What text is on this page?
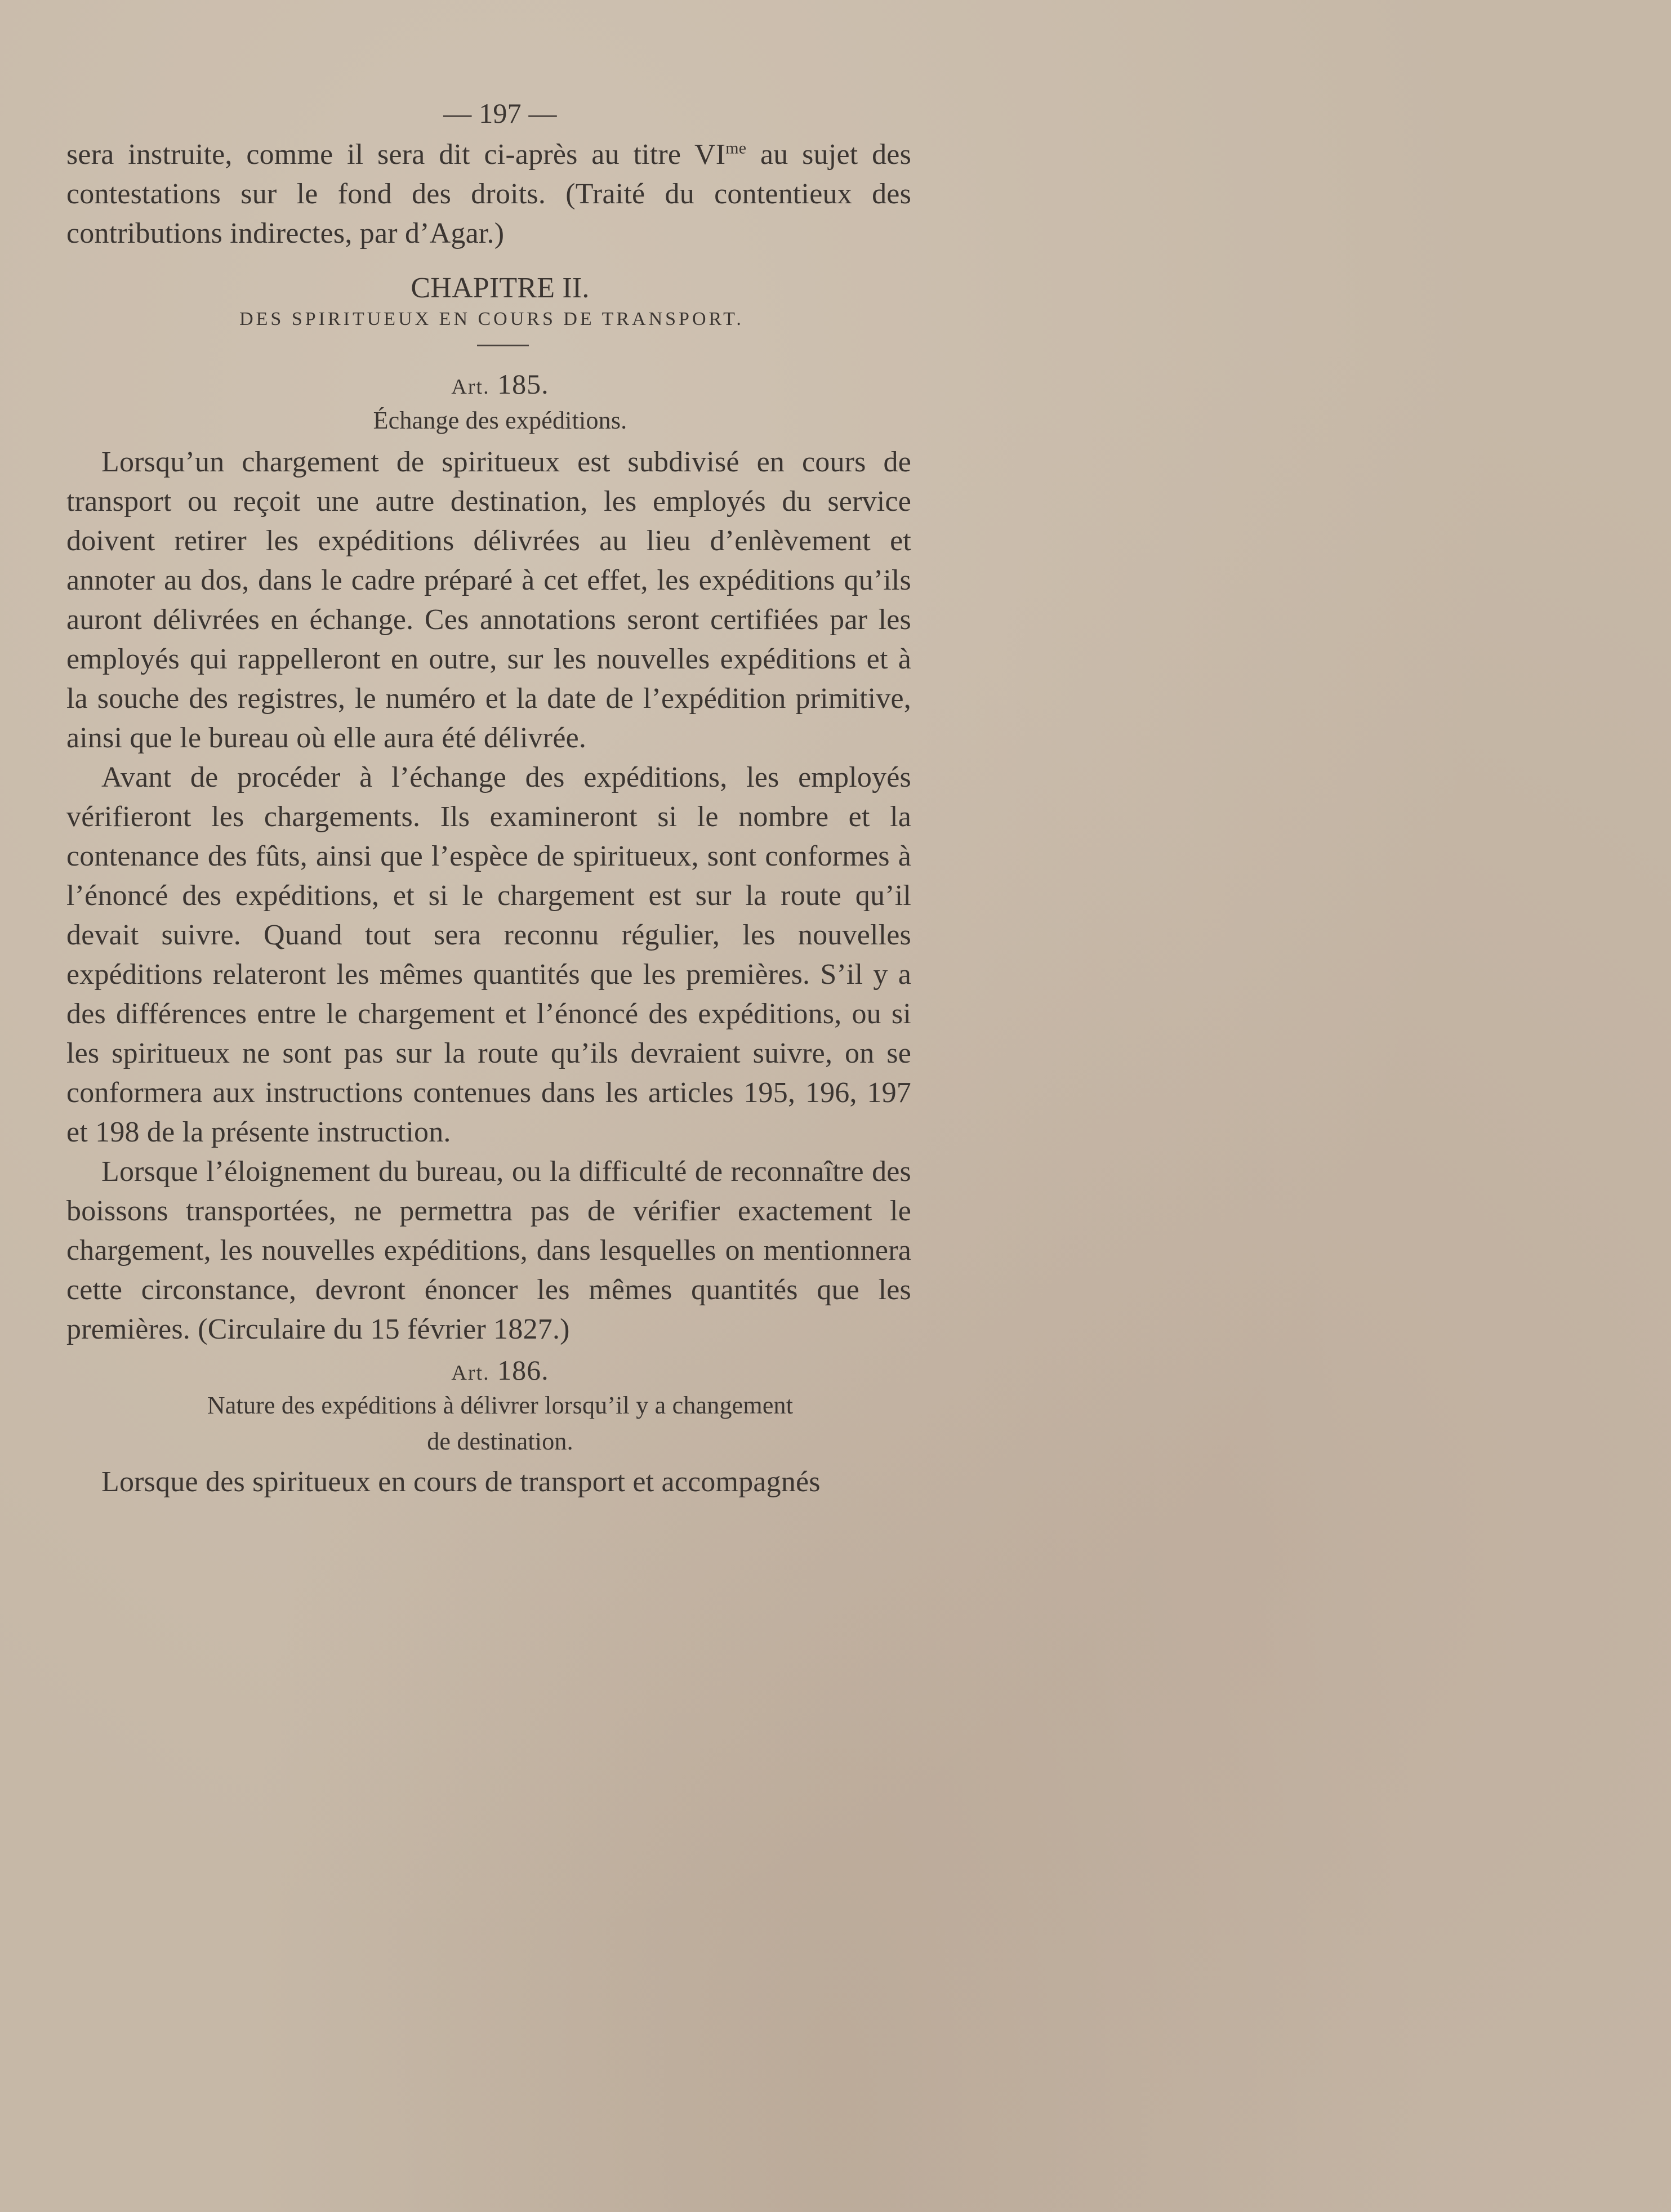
— 197 —

sera instruite, comme il sera dit ci-après au titre $VI^{me}$ au sujet des contestations sur le fond des droits. (Traité du contentieux des contributions indirectes, par d’Agar.)

CHAPITRE II.
DES SPIRITUEUX EN COURS DE TRANSPORT.
Art. 185.
Échange des expéditions.

Lorsqu’un chargement de spiritueux est subdivisé en cours de transport ou reçoit une autre destination, les employés du service doivent retirer les expéditions délivrées au lieu d’enlèvement et annoter au dos, dans le cadre préparé à cet effet, les expéditions qu’ils auront délivrées en échange. Ces annotations seront certifiées par les employés qui rappelleront en outre, sur les nouvelles expéditions et à la souche des registres, le numéro et la date de l’expédition primitive, ainsi que le bureau où elle aura été délivrée.

Avant de procéder à l’échange des expéditions, les employés vérifieront les chargements. Ils examineront si le nombre et la contenance des fûts, ainsi que l’espèce de spiritueux, sont conformes à l’énoncé des expéditions, et si le chargement est sur la route qu’il devait suivre. Quand tout sera reconnu régulier, les nouvelles expéditions relateront les mêmes quantités que les premières. S’il y a des différences entre le chargement et l’énoncé des expéditions, ou si les spiritueux ne sont pas sur la route qu’ils devraient suivre, on se conformera aux instructions contenues dans les articles 195, 196, 197 et 198 de la présente instruction.

Lorsque l’éloignement du bureau, ou la difficulté de reconnaître des boissons transportées, ne permettra pas de vérifier exactement le chargement, les nouvelles expéditions, dans lesquelles on mentionnera cette circonstance, devront énoncer les mêmes quantités que les premières. (Circulaire du 15 février 1827.)

Art. 186.
Nature des expéditions à délivrer lorsqu’il y a changement
de destination.

Lorsque des spiritueux en cours de transport et accompagnés
